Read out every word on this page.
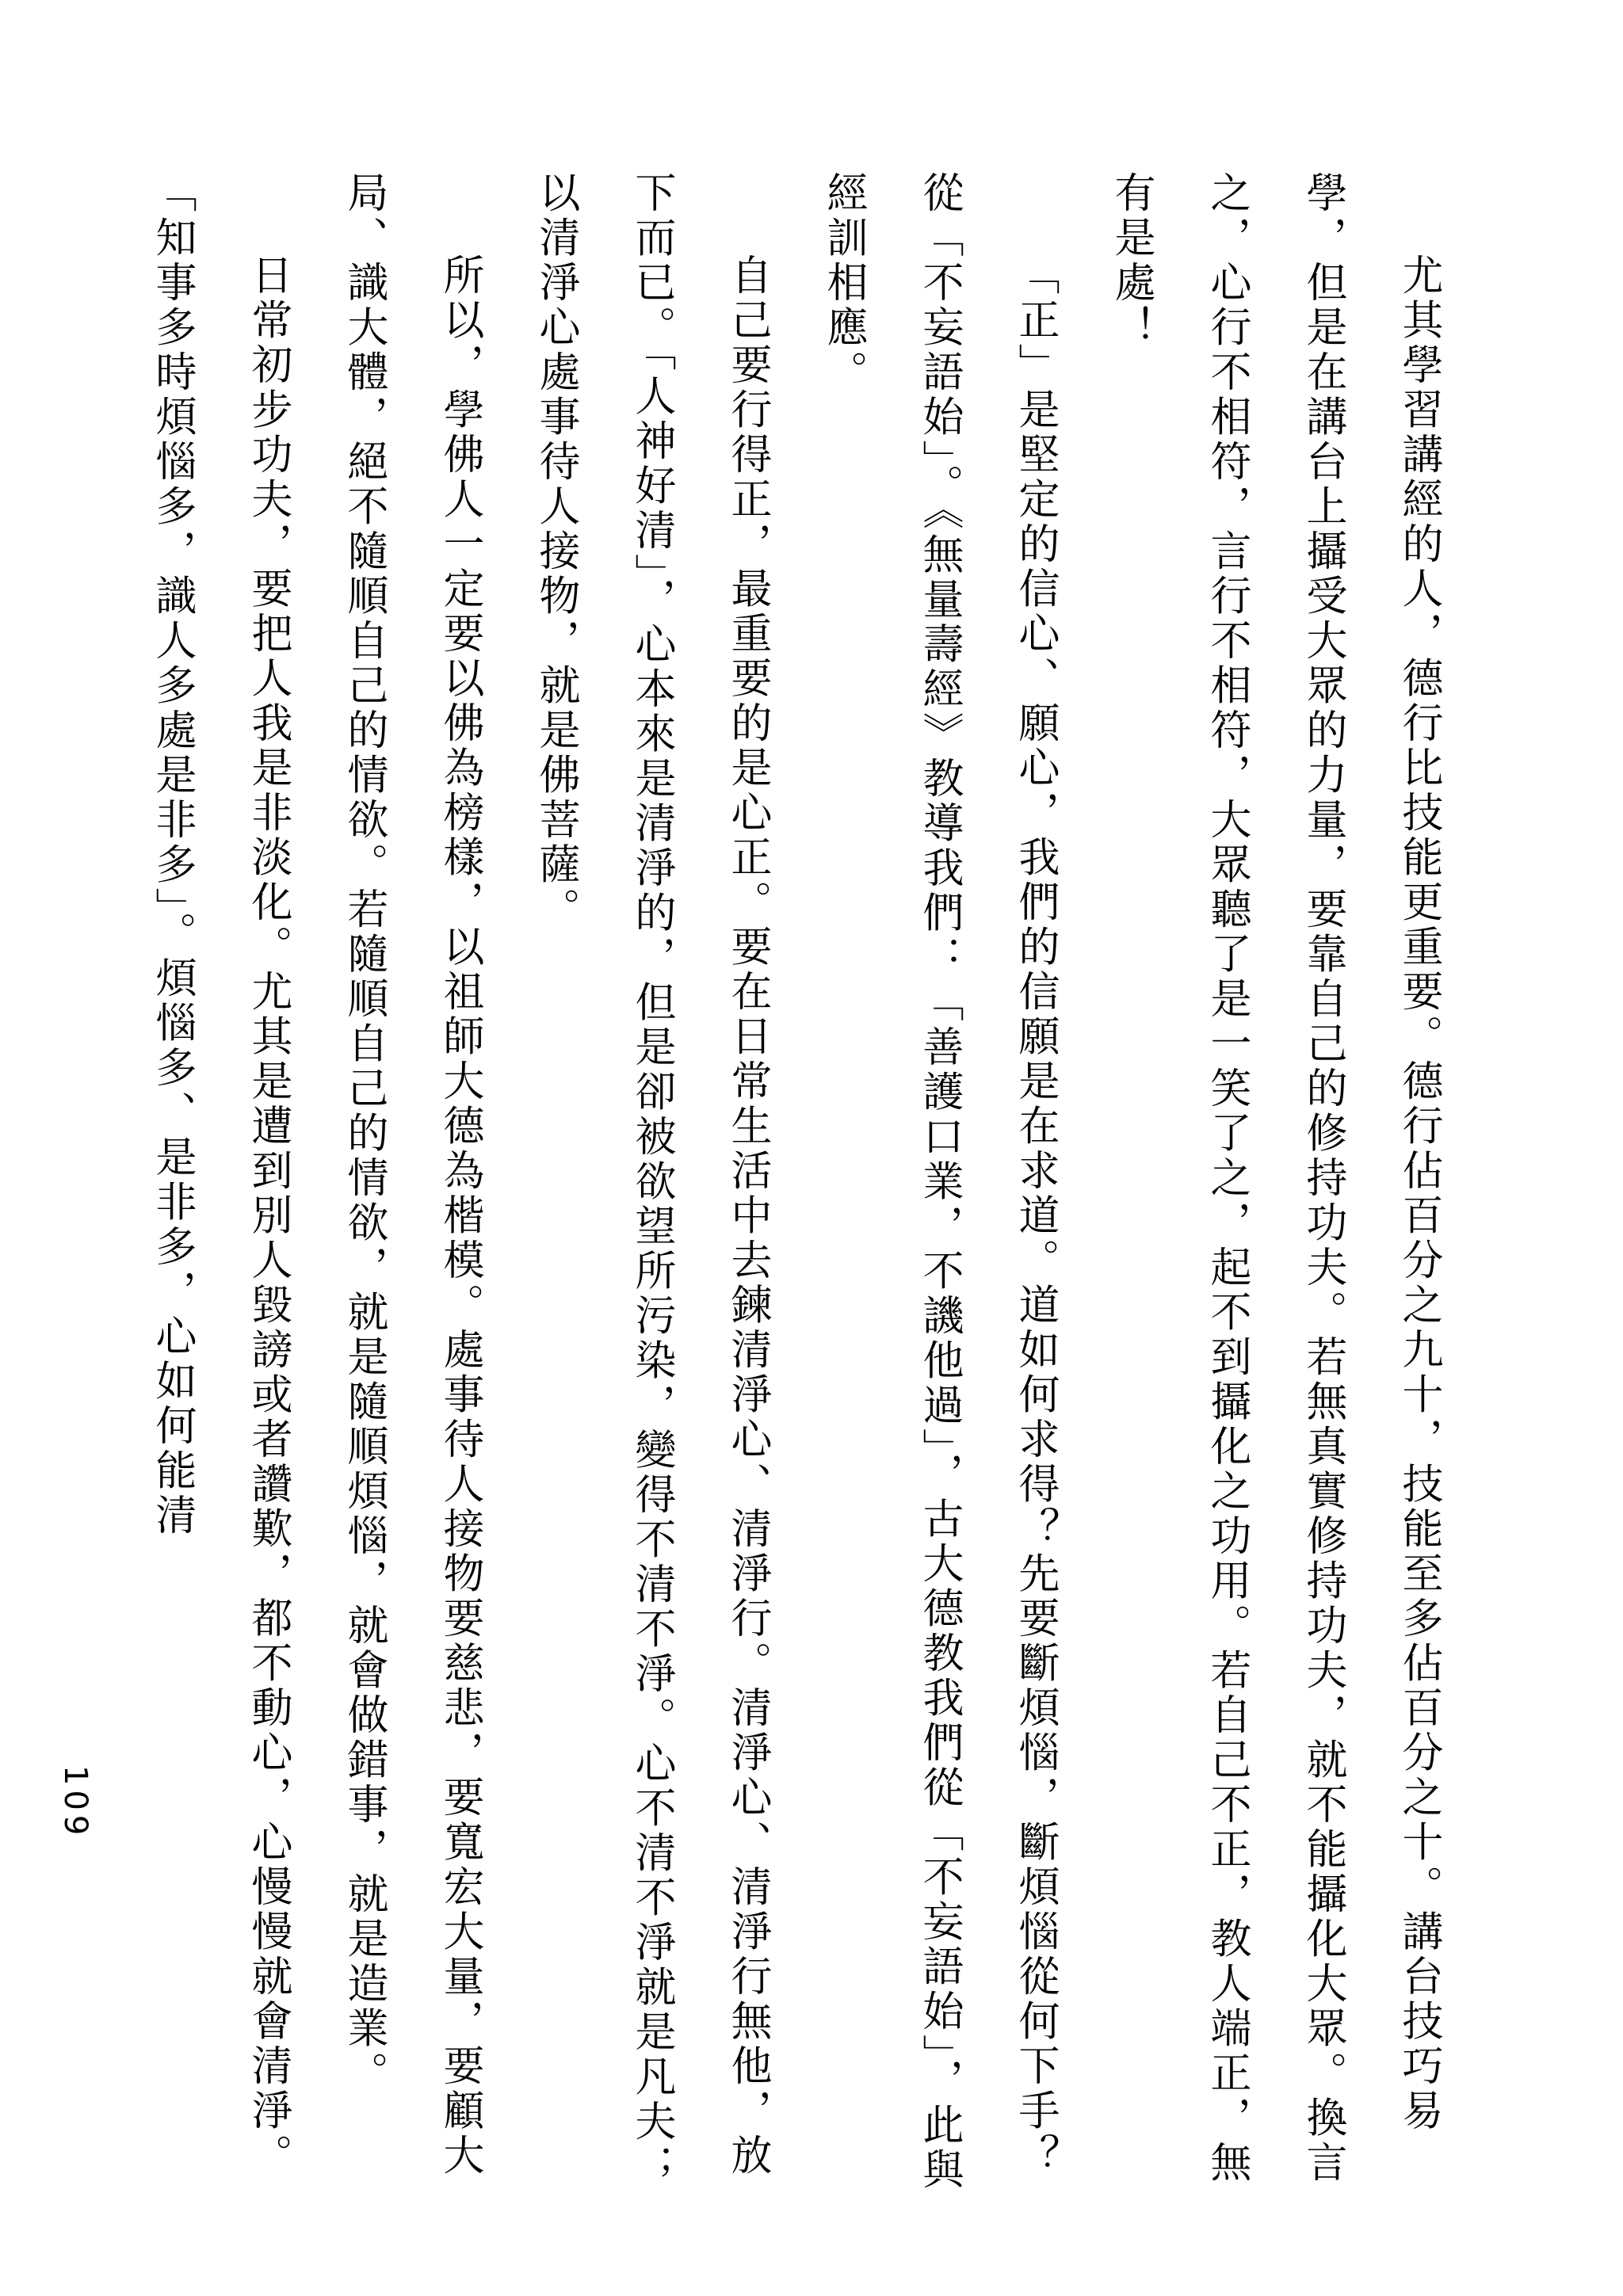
尤其學習講經的人，德行比技能更重要。德行佔百分之九十，技能至多佔百分之十。講台技巧易學，但是在講台上攝受大眾的力量，要靠自己的修持功夫。若無真實修持功夫，就不能攝化大眾。換言之，心行不相符，言行不相符，大眾聽了是一笑了之，起不到攝化之功用。若自己不正，教人端正，無有是處！

「正」是堅定的信心、願心，我們的信願是在求道。道如何求得？先要斷煩惱，斷煩惱從何下手？從「不妄語始」。《無量壽經》教導我們：「善護口業，不譏他過」，古大德教我們從「不妄語始」，此與經訓相應。

自己要行得正，最重要的是心正。要在日常生活中去鍊清淨心、清淨行。清淨心、清淨行無他，放下而已。「人神好清」，心本來是清淨的，但是卻被欲望所污染，變得不清不淨。心不清不淨就是凡夫；以清淨心處事待人接物，就是佛菩薩。

所以，學佛人一定要以佛為榜樣，以祖師大德為楷模。處事待人接物要慈悲，要寬宏大量，要顧大局、識大體，絕不隨順自己的情欲。若隨順自己的情欲，就是隨順煩惱，就會做錯事，就是造業。

日常初步功夫，要把人我是非淡化。尤其是遭到別人毀謗或者讚歎，都不動心，心慢慢就會清淨。「知事多時煩惱多，識人多處是非多」。煩惱多、是非多，心如何能清

109
